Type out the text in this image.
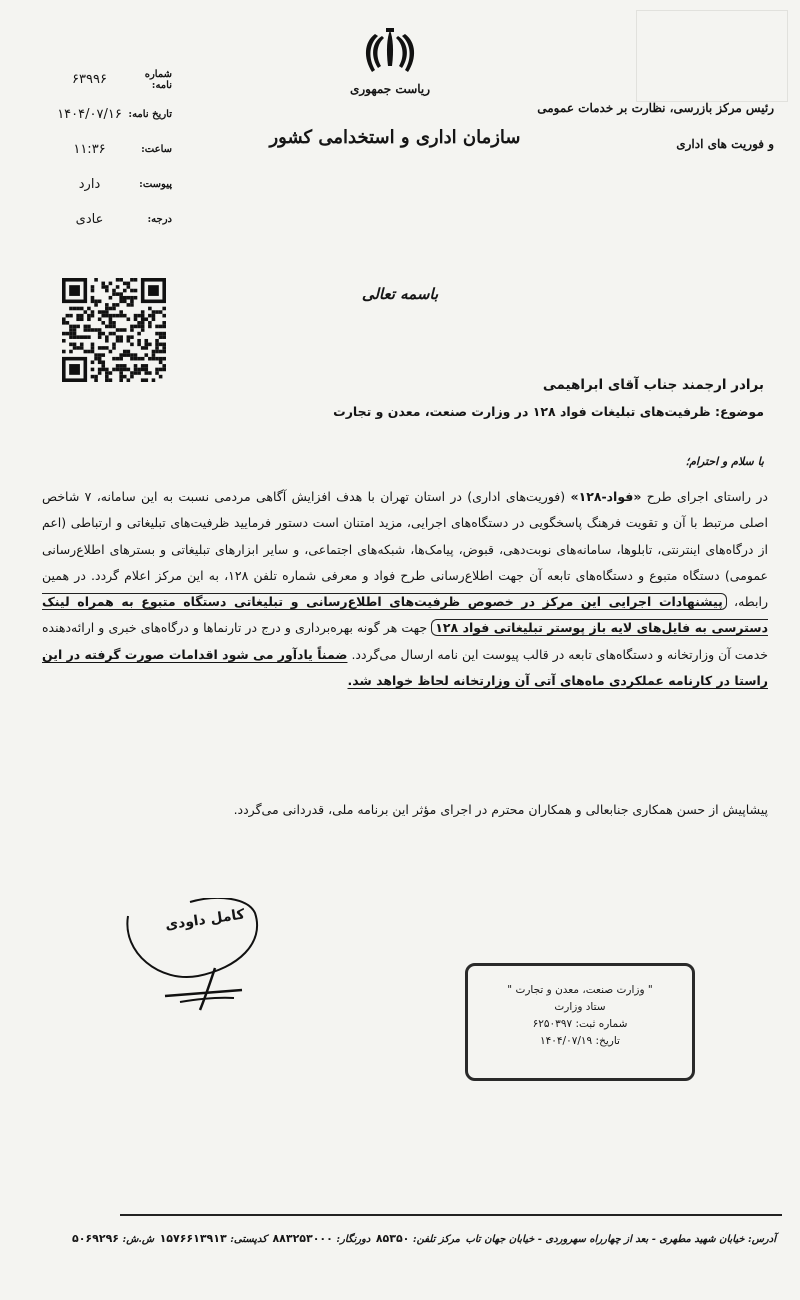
ریاست جمهوری
سازمان اداری و استخدامی کشور
رئیس مرکز بازرسی، نظارت بر خدمات عمومی
و فوریت های اداری
شماره نامه:
۶۳۹۹۶
تاریخ نامه:
۱۴۰۴/۰۷/۱۶
ساعت:
۱۱:۳۶
پیوست:
دارد
درجه:
عادی
باسمه تعالی
برادر ارجمند جناب آقای ابراهیمی
موضوع: ظرفیت‌های تبلیغات فواد ۱۲۸ در وزارت صنعت، معدن و تجارت
با سلام و احترام؛
در راستای اجرای طرح «فواد-۱۲۸» (فوریت‌های اداری) در استان تهران با هدف افزایش آگاهی مردمی نسبت به این سامانه، ۷ شاخص اصلی مرتبط با آن و تقویت فرهنگ پاسخگویی در دستگاه‌های اجرایی، مزید امتنان است دستور فرمایید ظرفیت‌های تبلیغاتی و ارتباطی (اعم از درگاه‌های اینترنتی، تابلوها، سامانه‌های نوبت‌دهی، قبوض، پیامک‌ها، شبکه‌های اجتماعی، و سایر ابزارهای تبلیغاتی و بسترهای اطلاع‌رسانی عمومی) دستگاه متبوع و دستگاه‌های تابعه آن جهت اطلاع‌رسانی طرح فواد و معرفی شماره تلفن ۱۲۸، به این مرکز اعلام گردد. در همین رابطه، پیشنهادات اجرایی این مرکز در خصوص ظرفیت‌های اطلاع‌رسانی و تبلیغاتی دستگاه متبوع به همراه لینک دسترسی به فایل‌های لایه باز پوستر تبلیغاتی فواد ۱۲۸ جهت هر گونه بهره‌برداری و درج در تارنماها و درگاه‌های خبری و ارائه‌دهنده خدمت آن وزارتخانه و دستگاه‌های تابعه در قالب پیوست این نامه ارسال می‌گردد. ضمناً یادآور می شود اقدامات صورت گرفته در این راستا در کارنامه عملکردی ماه‌های آتی آن وزارتخانه لحاظ خواهد شد.
پیشاپیش از حسن همکاری جنابعالی و همکاران محترم در اجرای مؤثر این برنامه ملی، قدردانی می‌گردد.
کامل داودی
" وزارت صنعت، معدن و تجارت "
ستاد وزارت
شماره ثبت: ۶۲۵۰۳۹۷
تاریخ: ۱۴۰۴/۰۷/۱۹
آدرس: خیابان شهید مطهری - بعد از چهارراه سهروردی - خیابان جهان تاب
مرکز تلفن: ۸۵۳۵۰
دورنگار: ۸۸۳۲۵۳۰۰۰
کدپستی: ۱۵۷۶۶۱۳۹۱۳
ش.ش: ۵۰۶۹۲۹۶
